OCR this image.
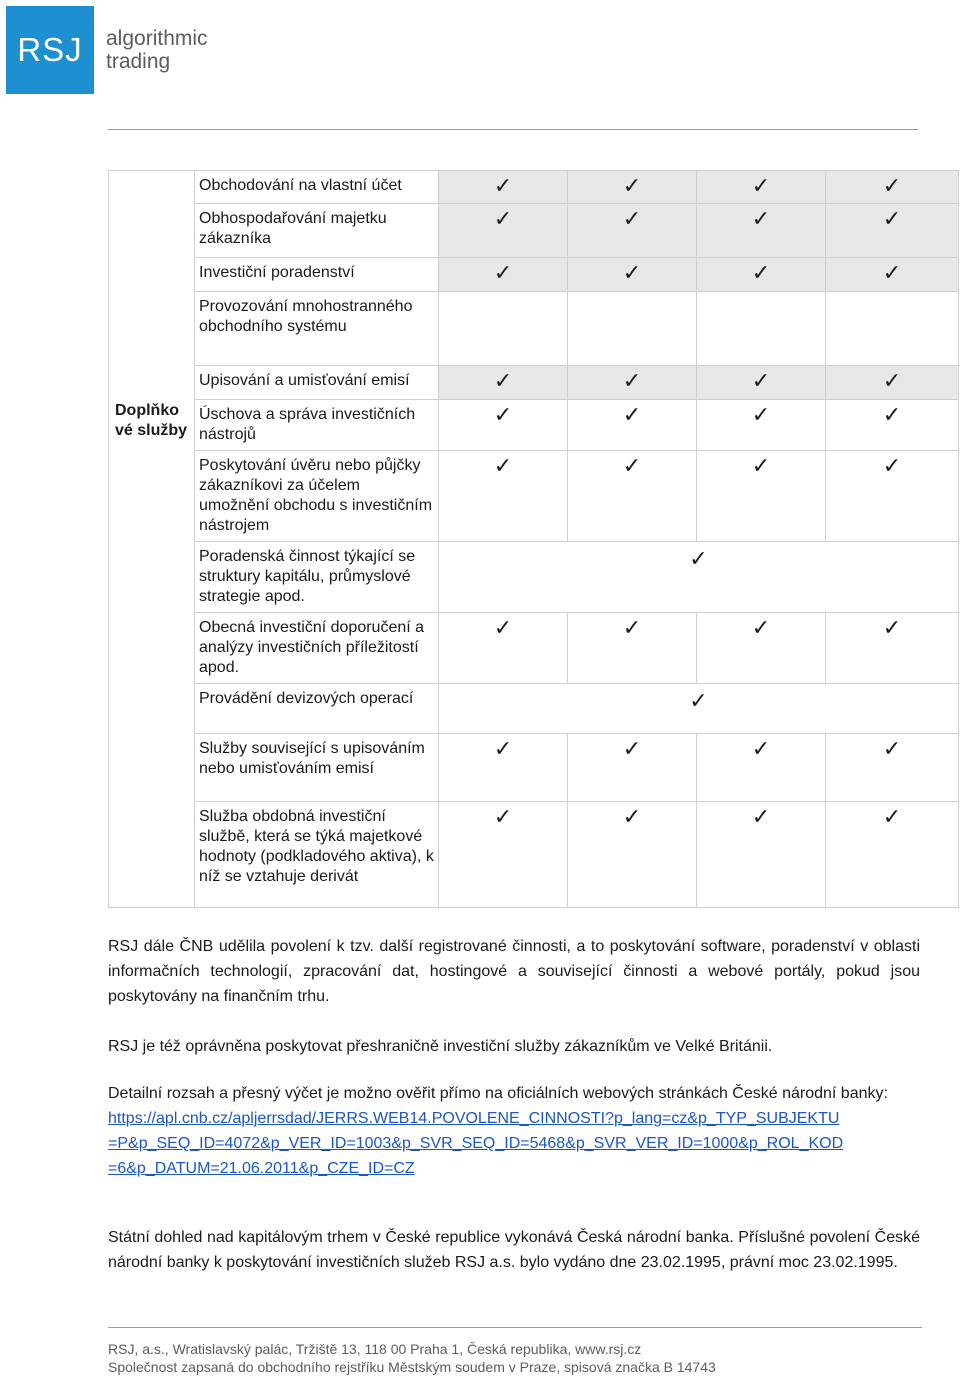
RSJ	algorithmic
trading
Doplňko vé služby	Obchodování na vlastní účet	✓	✓	✓	✓

	Obhospodařování majetku zákazníka	✓	✓	✓	✓

	Investiční poradenství	✓	✓	✓	✓

	Provozování mnohostranného obchodního systému				

	Upisování a umisťování emisí	✓	✓	✓	✓

	Úschova a správa investičních nástrojů	✓	✓	✓	✓

	Poskytování úvěru nebo půjčky zákazníkovi za účelem umožnění obchodu s investičním nástrojem	✓	✓	✓	✓

	Poradenská činnost týkající se struktury kapitálu, průmyslové strategie apod.	✓			

	Obecná investiční doporučení a analýzy investičních příležitostí apod.	✓	✓	✓	✓

	Provádění devizových operací	✓			

	Služby související s upisováním nebo umisťováním emisí	✓	✓	✓	✓

	Služba obdobná investiční službě, která se týká majetkové hodnoty (podkladového aktiva), k níž se vztahuje derivát	✓	✓	✓	✓

RSJ dále ČNB udělila povolení k tzv. další registrované činnosti, a to poskytování software, poradenství v oblasti informačních technologií, zpracování dat, hostingové a související činnosti a webové portály, pokud jsou poskytovány na finančním trhu.

RSJ je též oprávněna poskytovat přeshraničně investiční služby zákazníkům ve Velké Británii.

Detailní rozsah a přesný výčet je možno ověřit přímo na oficiálních webových stránkách České národní banky:

https://apl.cnb.cz/apljerrsdad/JERRS.WEB14.POVOLENE_CINNOSTI?p_lang=cz&p_TYP_SUBJEKTU
=P&p_SEQ_ID=4072&p_VER_ID=1003&p_SVR_SEQ_ID=5468&p_SVR_VER_ID=1000&p_ROL_KOD
=6&p_DATUM=21.06.2011&p_CZE_ID=CZ

Státní dohled nad kapitálovým trhem v České republice vykonává Česká národní banka. Příslušné povolení České národní banky k poskytování investičních služeb RSJ a.s. bylo vydáno dne 23.02.1995, právní moc 23.02.1995.

RSJ, a.s., Wratislavský palác, Tržiště 13, 118 00 Praha 1, Česká republika, www.rsj.cz
Společnost zapsaná do obchodního rejstříku Městským soudem v Praze, spisová značka B 14743
